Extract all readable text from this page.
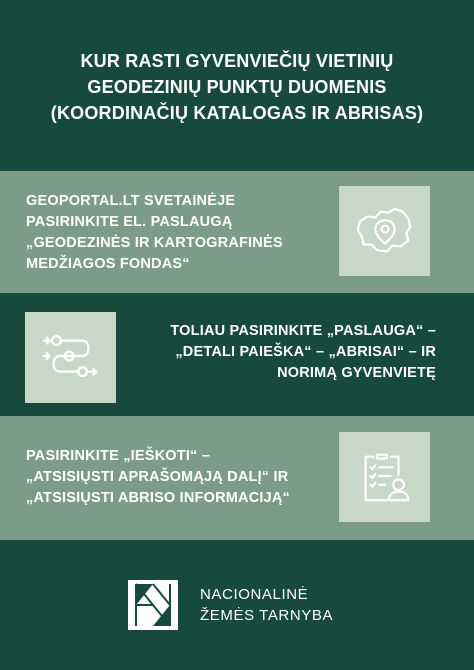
KUR RASTI GYVENVIEČIŲ VIETINIŲ
GEODEZINIŲ PUNKTŲ DUOMENIS
(KOORDINAČIŲ KATALOGAS IR ABRISAS)
GEOPORTAL.LT SVETAINĖJE
PASIRINKITE EL. PASLAUGĄ
„GEODEZINĖS IR KARTOGRAFINĖS
MEDŽIAGOS FONDAS“
TOLIAU PASIRINKITE „PASLAUGA“ –
„DETALI PAIEŠKA“ – „ABRISAI“ – IR
NORIMĄ GYVENVIETĘ
PASIRINKITE „IEŠKOTI“ –
„ATSISIŲSTI APRAŠOMĄJĄ DALĮ“ IR
„ATSISIŲSTI ABRISO INFORMACIJĄ“
NACIONALINĖ
ŽEMĖS TARNYBA
